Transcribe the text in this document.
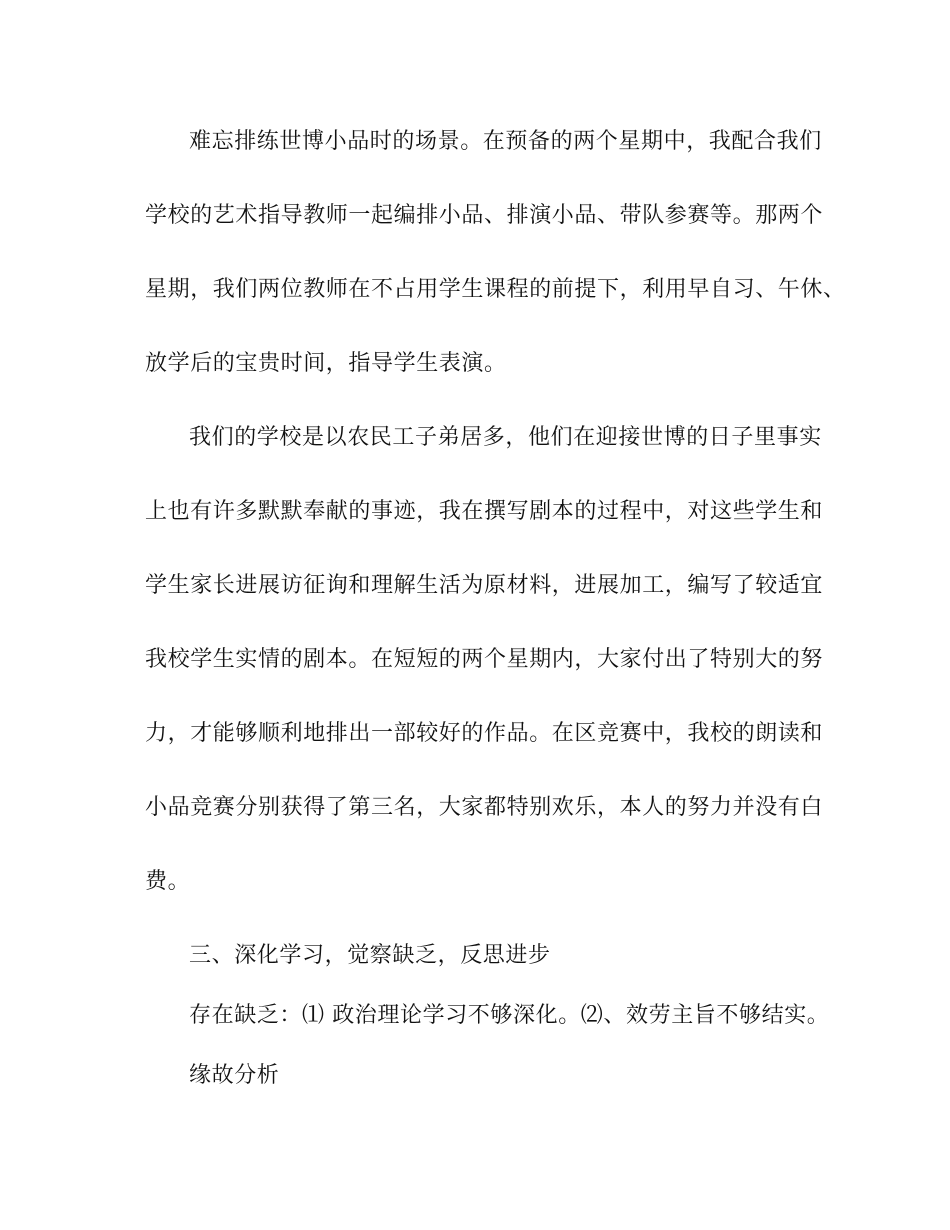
难忘排练世博小品时的场景。在预备的两个星期中，我配合我们
学校的艺术指导教师一起编排小品、排演小品、带队参赛等。那两个
星期，我们两位教师在不占用学生课程的前提下，利用早自习、午休、
放学后的宝贵时间，指导学生表演。
我们的学校是以农民工子弟居多，他们在迎接世博的日子里事实
上也有许多默默奉献的事迹，我在撰写剧本的过程中，对这些学生和
学生家长进展访征询和理解生活为原材料，进展加工，编写了较适宜
我校学生实情的剧本。在短短的两个星期内，大家付出了特别大的努
力，才能够顺利地排出一部较好的作品。在区竞赛中，我校的朗读和
小品竞赛分别获得了第三名，大家都特别欢乐，本人的努力并没有白
费。
三、深化学习，觉察缺乏，反思进步
存在缺乏：⑴ 政治理论学习不够深化。⑵、效劳主旨不够结实。
缘故分析
